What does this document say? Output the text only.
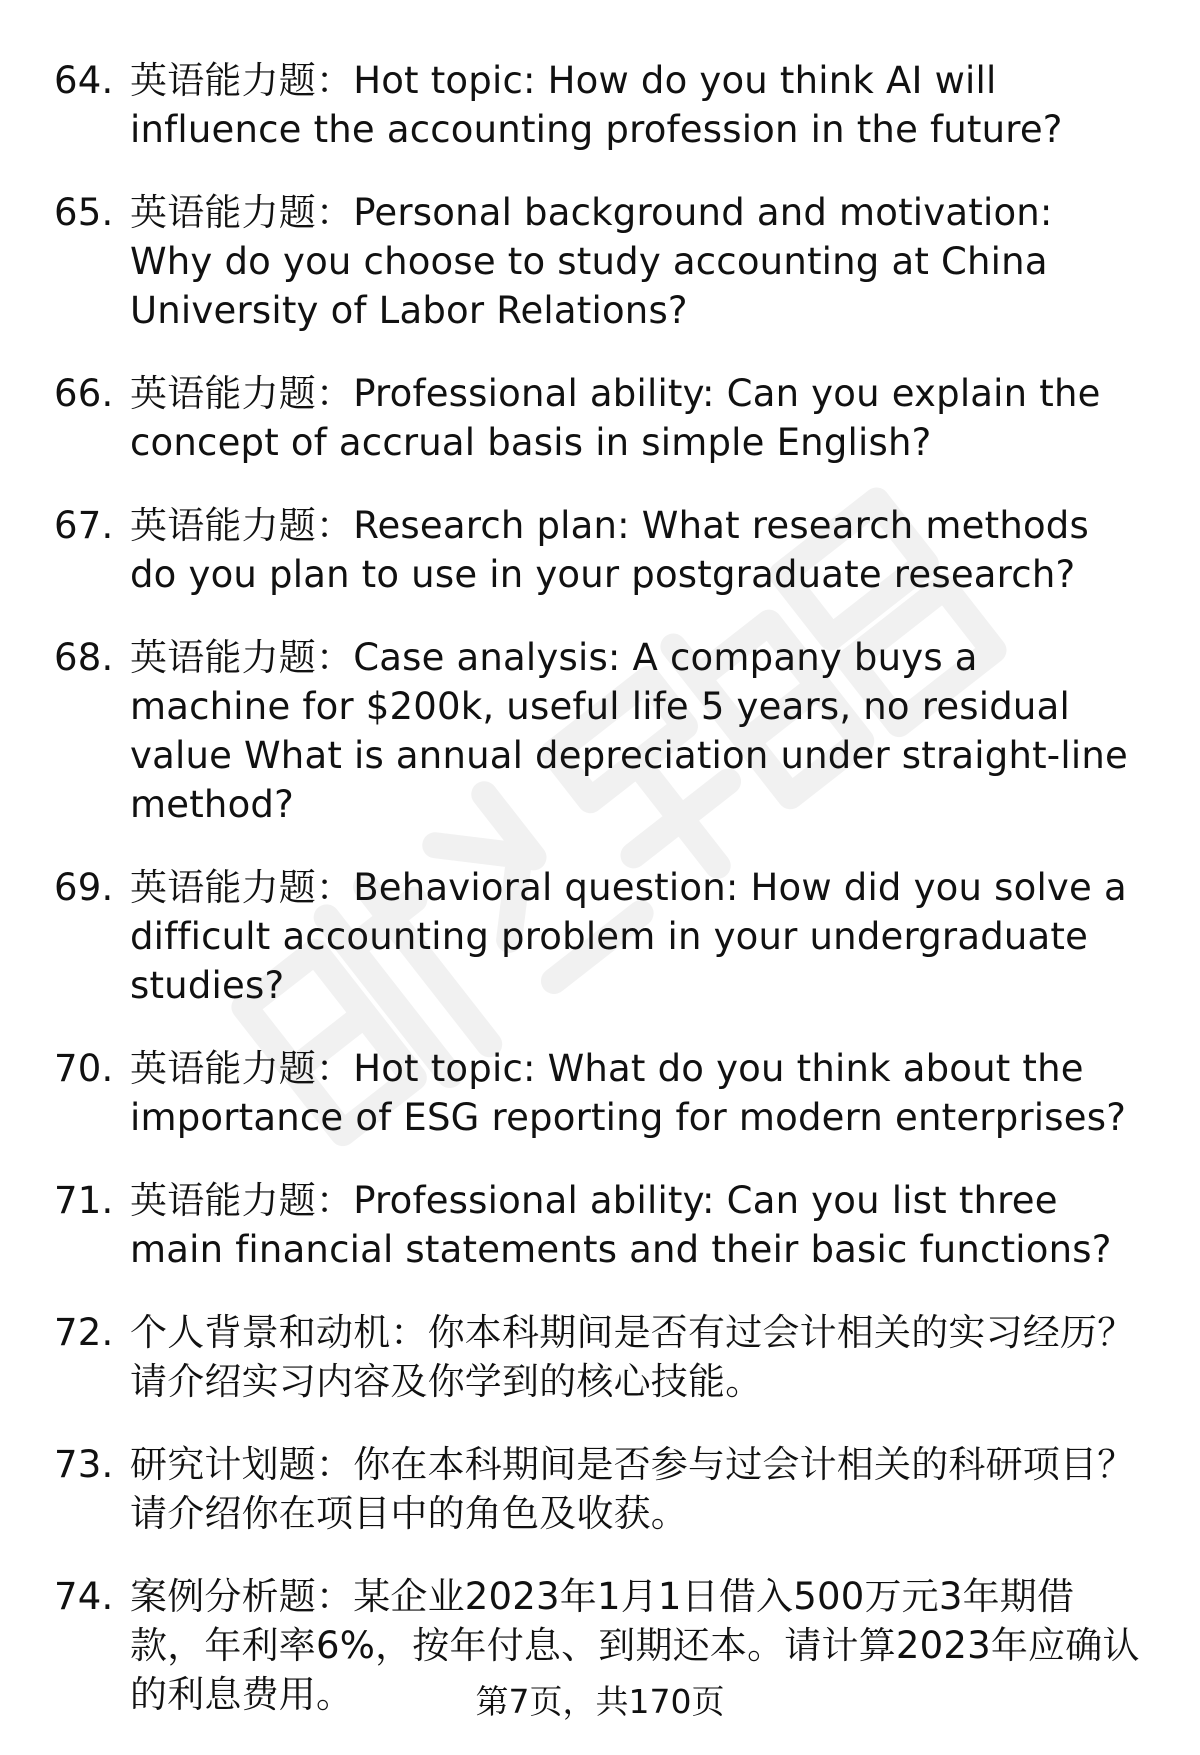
64. 英语能力题：Hot topic: How do you think AI will influence the accounting profession in the future?
65. 英语能力题：Personal background and motivation: Why do you choose to study accounting at China University of Labor Relations?
66. 英语能力题：Professional ability: Can you explain the concept of accrual basis in simple English?
67. 英语能力题：Research plan: What research methods do you plan to use in your postgraduate research?
68. 英语能力题：Case analysis: A company buys a machine for $200k, useful life 5 years, no residual value What is annual depreciation under straight-line method?
69. 英语能力题：Behavioral question: How did you solve a difficult accounting problem in your undergraduate studies?
70. 英语能力题：Hot topic: What do you think about the importance of ESG reporting for modern enterprises?
71. 英语能力题：Professional ability: Can you list three main financial statements and their basic functions?
72. 个人背景和动机：你本科期间是否有过会计相关的实习经历？请介绍实习内容及你学到的核心技能。
73. 研究计划题：你在本科期间是否参与过会计相关的科研项目？请介绍你在项目中的角色及收获。
74. 案例分析题：某企业2023年1月1日借入500万元3年期借款，年利率6%，按年付息、到期还本。请计算2023年应确认的利息费用。	第7页，共170页
